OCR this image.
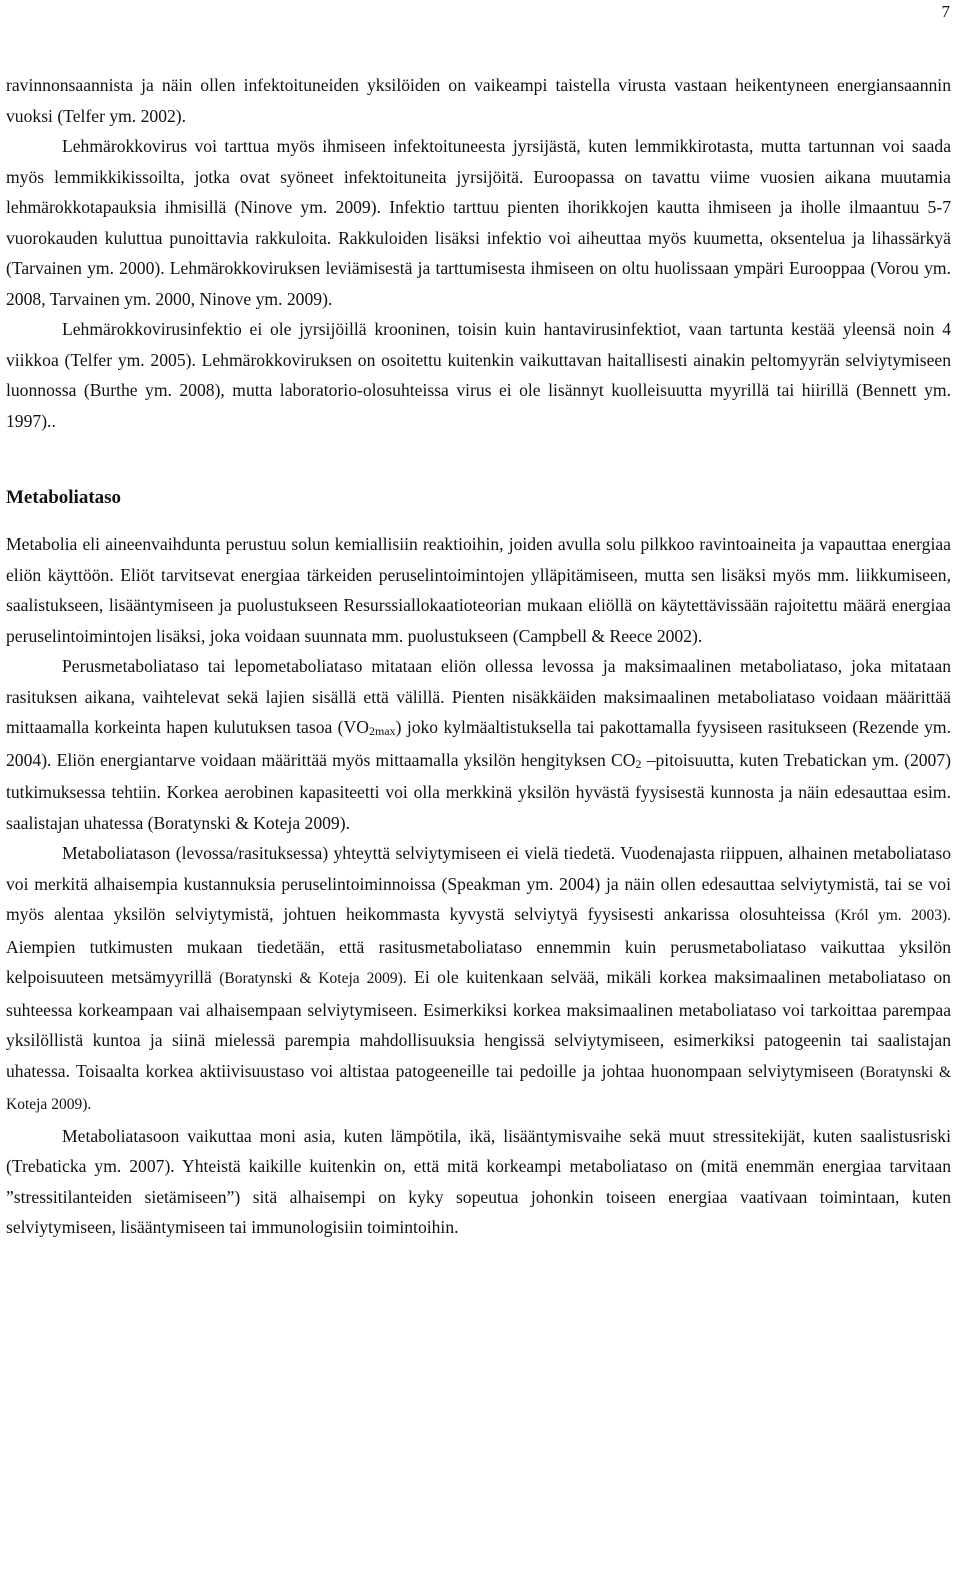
7

ravinnonsaannista ja näin ollen infektoituneiden yksilöiden on vaikeampi taistella virusta vastaan heikentyneen energiansaannin vuoksi (Telfer ym. 2002).

Lehmärokkovirus voi tarttua myös ihmiseen infektoituneesta jyrsijästä, kuten lemmikkirotasta, mutta tartunnan voi saada myös lemmikkikissoilta, jotka ovat syöneet infektoituneita jyrsijöitä. Euroopassa on tavattu viime vuosien aikana muutamia lehmärokkotapauksia ihmisillä (Ninove ym. 2009). Infektio tarttuu pienten ihorikkojen kautta ihmiseen ja iholle ilmaantuu 5-7 vuorokauden kuluttua punoittavia rakkuloita. Rakkuloiden lisäksi infektio voi aiheuttaa myös kuumetta, oksentelua ja lihassärkyä (Tarvainen ym. 2000). Lehmärokkoviruksen leviämisestä ja tarttumisesta ihmiseen on oltu huolissaan ympäri Eurooppaa (Vorou ym. 2008, Tarvainen ym. 2000, Ninove ym. 2009).

Lehmärokkovirusinfektio ei ole jyrsijöillä krooninen, toisin kuin hantavirusinfektiot, vaan tartunta kestää yleensä noin 4 viikkoa (Telfer ym. 2005). Lehmärokkoviruksen on osoitettu kuitenkin vaikuttavan haitallisesti ainakin peltomyyrän selviytymiseen luonnossa (Burthe ym. 2008), mutta laboratorio-olosuhteissa virus ei ole lisännyt kuolleisuutta myyrillä tai hiirillä (Bennett ym. 1997)..

Metaboliataso

Metabolia eli aineenvaihdunta perustuu solun kemiallisiin reaktioihin, joiden avulla solu pilkkoo ravintoaineita ja vapauttaa energiaa eliön käyttöön. Eliöt tarvitsevat energiaa tärkeiden peruselintoimintojen ylläpitämiseen, mutta sen lisäksi myös mm. liikkumiseen, saalistukseen, lisääntymiseen ja puolustukseen Resurssiallokaatioteorian mukaan eliöllä on käytettävissään rajoitettu määrä energiaa peruselintoimintojen lisäksi, joka voidaan suunnata mm. puolustukseen (Campbell & Reece 2002).

Perusmetaboliataso tai lepometaboliataso mitataan eliön ollessa levossa ja maksimaalinen metaboliataso, joka mitataan rasituksen aikana, vaihtelevat sekä lajien sisällä että välillä. Pienten nisäkkäiden maksimaalinen metaboliataso voidaan määrittää mittaamalla korkeinta hapen kulutuksen tasoa $(VO_{2max})$ joko kylmäaltistuksella tai pakottamalla fyysiseen rasitukseen (Rezende ym. 2004). Eliön energiantarve voidaan määrittää myös mittaamalla yksilön hengityksen $CO_2$ –pitoisuutta, kuten Trebatickan ym. (2007) tutkimuksessa tehtiin. Korkea aerobinen kapasiteetti voi olla merkkinä yksilön hyvästä fyysisestä kunnosta ja näin edesauttaa esim. saalistajan uhatessa (Boratynski & Koteja 2009).

Metaboliatason (levossa/rasituksessa) yhteyttä selviytymiseen ei vielä tiedetä. Vuodenajasta riippuen, alhainen metaboliataso voi merkitä alhaisempia kustannuksia peruselintoiminnoissa (Speakman ym. 2004) ja näin ollen edesauttaa selviytymistä, tai se voi myös alentaa yksilön selviytymistä, johtuen heikommasta kyvystä selviytyä fyysisesti ankarissa olosuhteissa (Król ym. 2003). Aiempien tutkimusten mukaan tiedetään, että rasitusmetaboliataso ennemmin kuin perusmetaboliataso vaikuttaa yksilön kelpoisuuteen metsämyyrillä (Boratynski & Koteja 2009). Ei ole kuitenkaan selvää, mikäli korkea maksimaalinen metaboliataso on suhteessa korkeampaan vai alhaisempaan selviytymiseen. Esimerkiksi korkea maksimaalinen metaboliataso voi tarkoittaa parempaa yksilöllistä kuntoa ja siinä mielessä parempia mahdollisuuksia hengissä selviytymiseen, esimerkiksi patogeenin tai saalistajan uhatessa. Toisaalta korkea aktiivisuustaso voi altistaa patogeeneille tai pedoille ja johtaa huonompaan selviytymiseen (Boratynski & Koteja 2009).

Metaboliatasoon vaikuttaa moni asia, kuten lämpötila, ikä, lisääntymisvaihe sekä muut stressitekijät, kuten saalistusriski (Trebaticka ym. 2007). Yhteistä kaikille kuitenkin on, että mitä korkeampi metaboliataso on (mitä enemmän energiaa tarvitaan ”stressitilanteiden sietämiseen”) sitä alhaisempi on kyky sopeutua johonkin toiseen energiaa vaativaan toimintaan, kuten selviytymiseen, lisääntymiseen tai immunologisiin toimintoihin.
